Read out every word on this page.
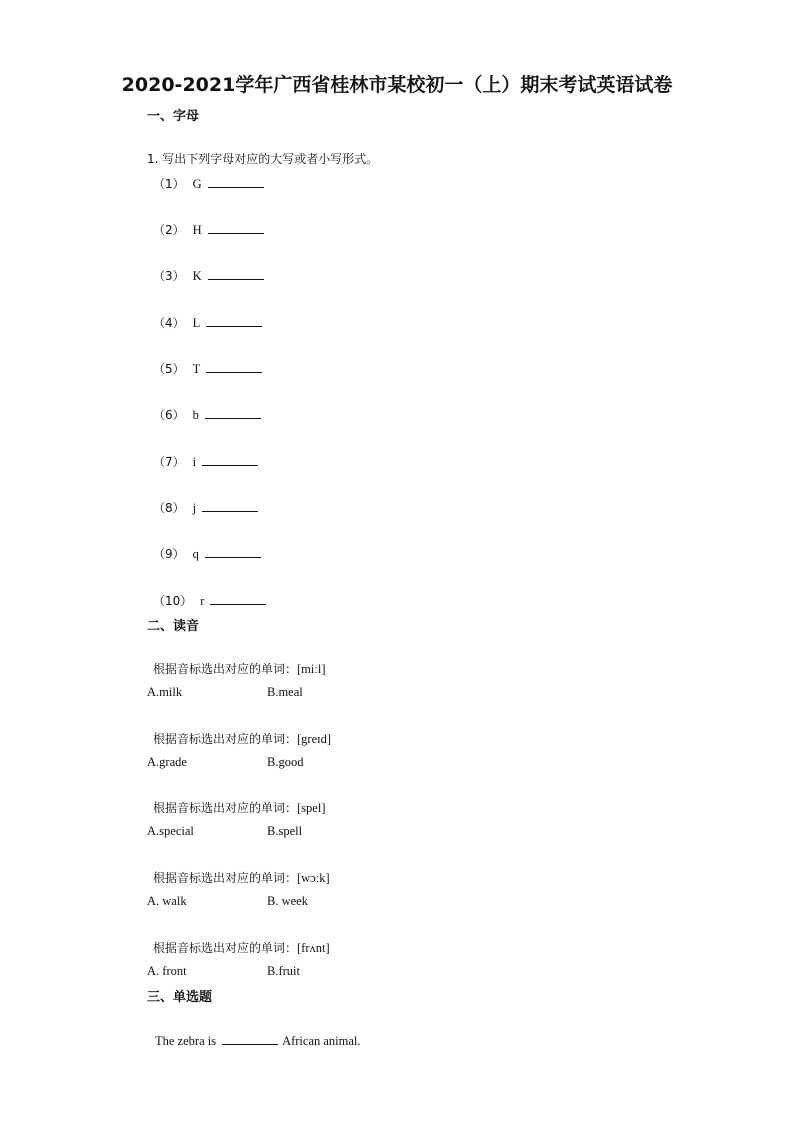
2020-2021学年广西省桂林市某校初一（上）期末考试英语试卷
一、字母
1. 写出下列字母对应的大写或者小写形式。
（1） G
（2） H
（3） K
（4） L
（5） T
（6） b
（7） i
（8） j
（9） q
（10） r
二、读音
根据音标选出对应的单词：[miːl]
A.milk	B.meal
根据音标选出对应的单词：[greɪd]
A.grade	B.good
根据音标选出对应的单词：[spel]
A.special	B.spell
根据音标选出对应的单词：[wɔːk]
A. walk	B. week
根据音标选出对应的单词：[frʌnt]
A. front	B.fruit
三、单选题
The zebra is	African animal.
